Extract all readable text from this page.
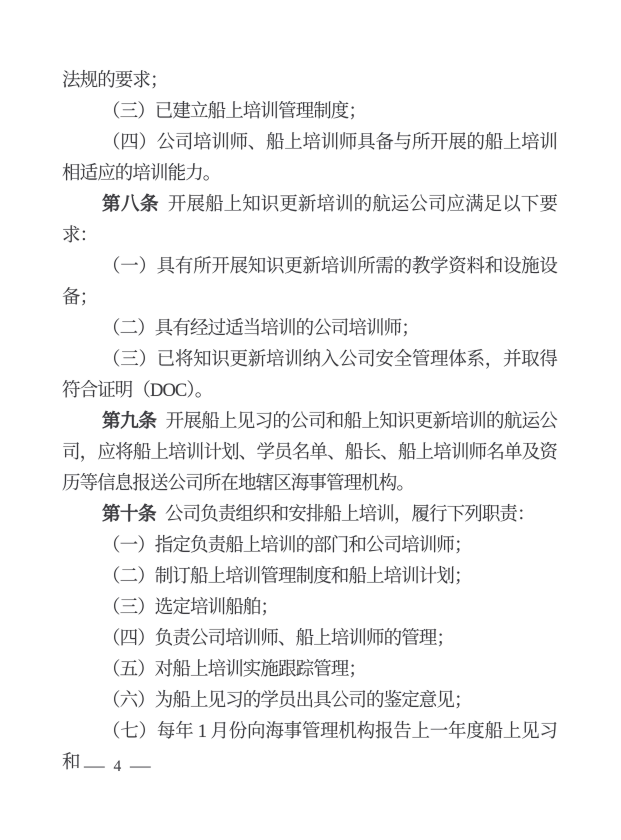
法规的要求；

（三）已建立船上培训管理制度；

（四）公司培训师、船上培训师具备与所开展的船上培训相适应的培训能力。

第八条 开展船上知识更新培训的航运公司应满足以下要求：

（一）具有所开展知识更新培训所需的教学资料和设施设备；

（二）具有经过适当培训的公司培训师；

（三）已将知识更新培训纳入公司安全管理体系，并取得符合证明（DOC）。

第九条 开展船上见习的公司和船上知识更新培训的航运公司，应将船上培训计划、学员名单、船长、船上培训师名单及资历等信息报送公司所在地辖区海事管理机构。

第十条 公司负责组织和安排船上培训，履行下列职责：

（一）指定负责船上培训的部门和公司培训师；

（二）制订船上培训管理制度和船上培训计划；

（三）选定培训船舶；

（四）负责公司培训师、船上培训师的管理；

（五）对船上培训实施跟踪管理；

（六）为船上见习的学员出具公司的鉴定意见；

（七）每年 1 月份向海事管理机构报告上一年度船上见习和 — 4 —
